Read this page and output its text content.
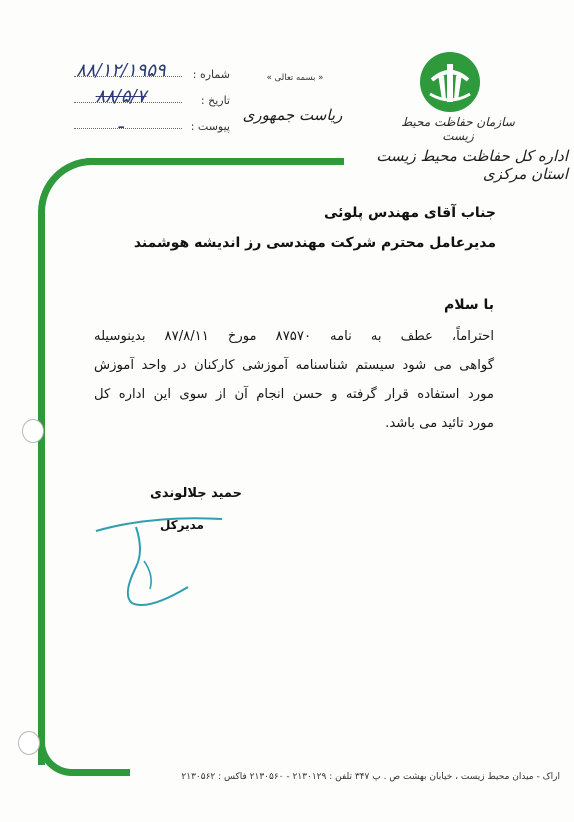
سازمان حفاظت محیط زیست
اداره کل حفاظت محیط زیست استان مرکزی
« بسمه تعالی »
ریاست جمهوری
شماره :
۸۸/۱۲/۱۹۵۹
تاریخ :
۸۸/۵/۷
پیوست :
ـ
جناب آقای مهندس پلوئی
مدیرعامل محترم شرکت مهندسی رز اندیشه هوشمند
با سلام
احتراماً، عطف به نامه ۸۷۵۷۰ مورخ ۸۷/۸/۱۱ بدینوسیله
گواهی می شود سیستم شناسنامه آموزشی کارکنان در واحد آموزش
مورد استفاده قرار گرفته و حسن انجام آن از سوی این اداره کل
مورد تائید می باشد.
حمید جلالوندی
مدیرکل
اراک - میدان محیط زیست ، خیابان بهشت ص . پ ۳۴۷ تلفن : ۲۱۳۰۱۲۹ - ۲۱۳۰۵۶۰ فاکس : ۲۱۳۰۵۶۲
